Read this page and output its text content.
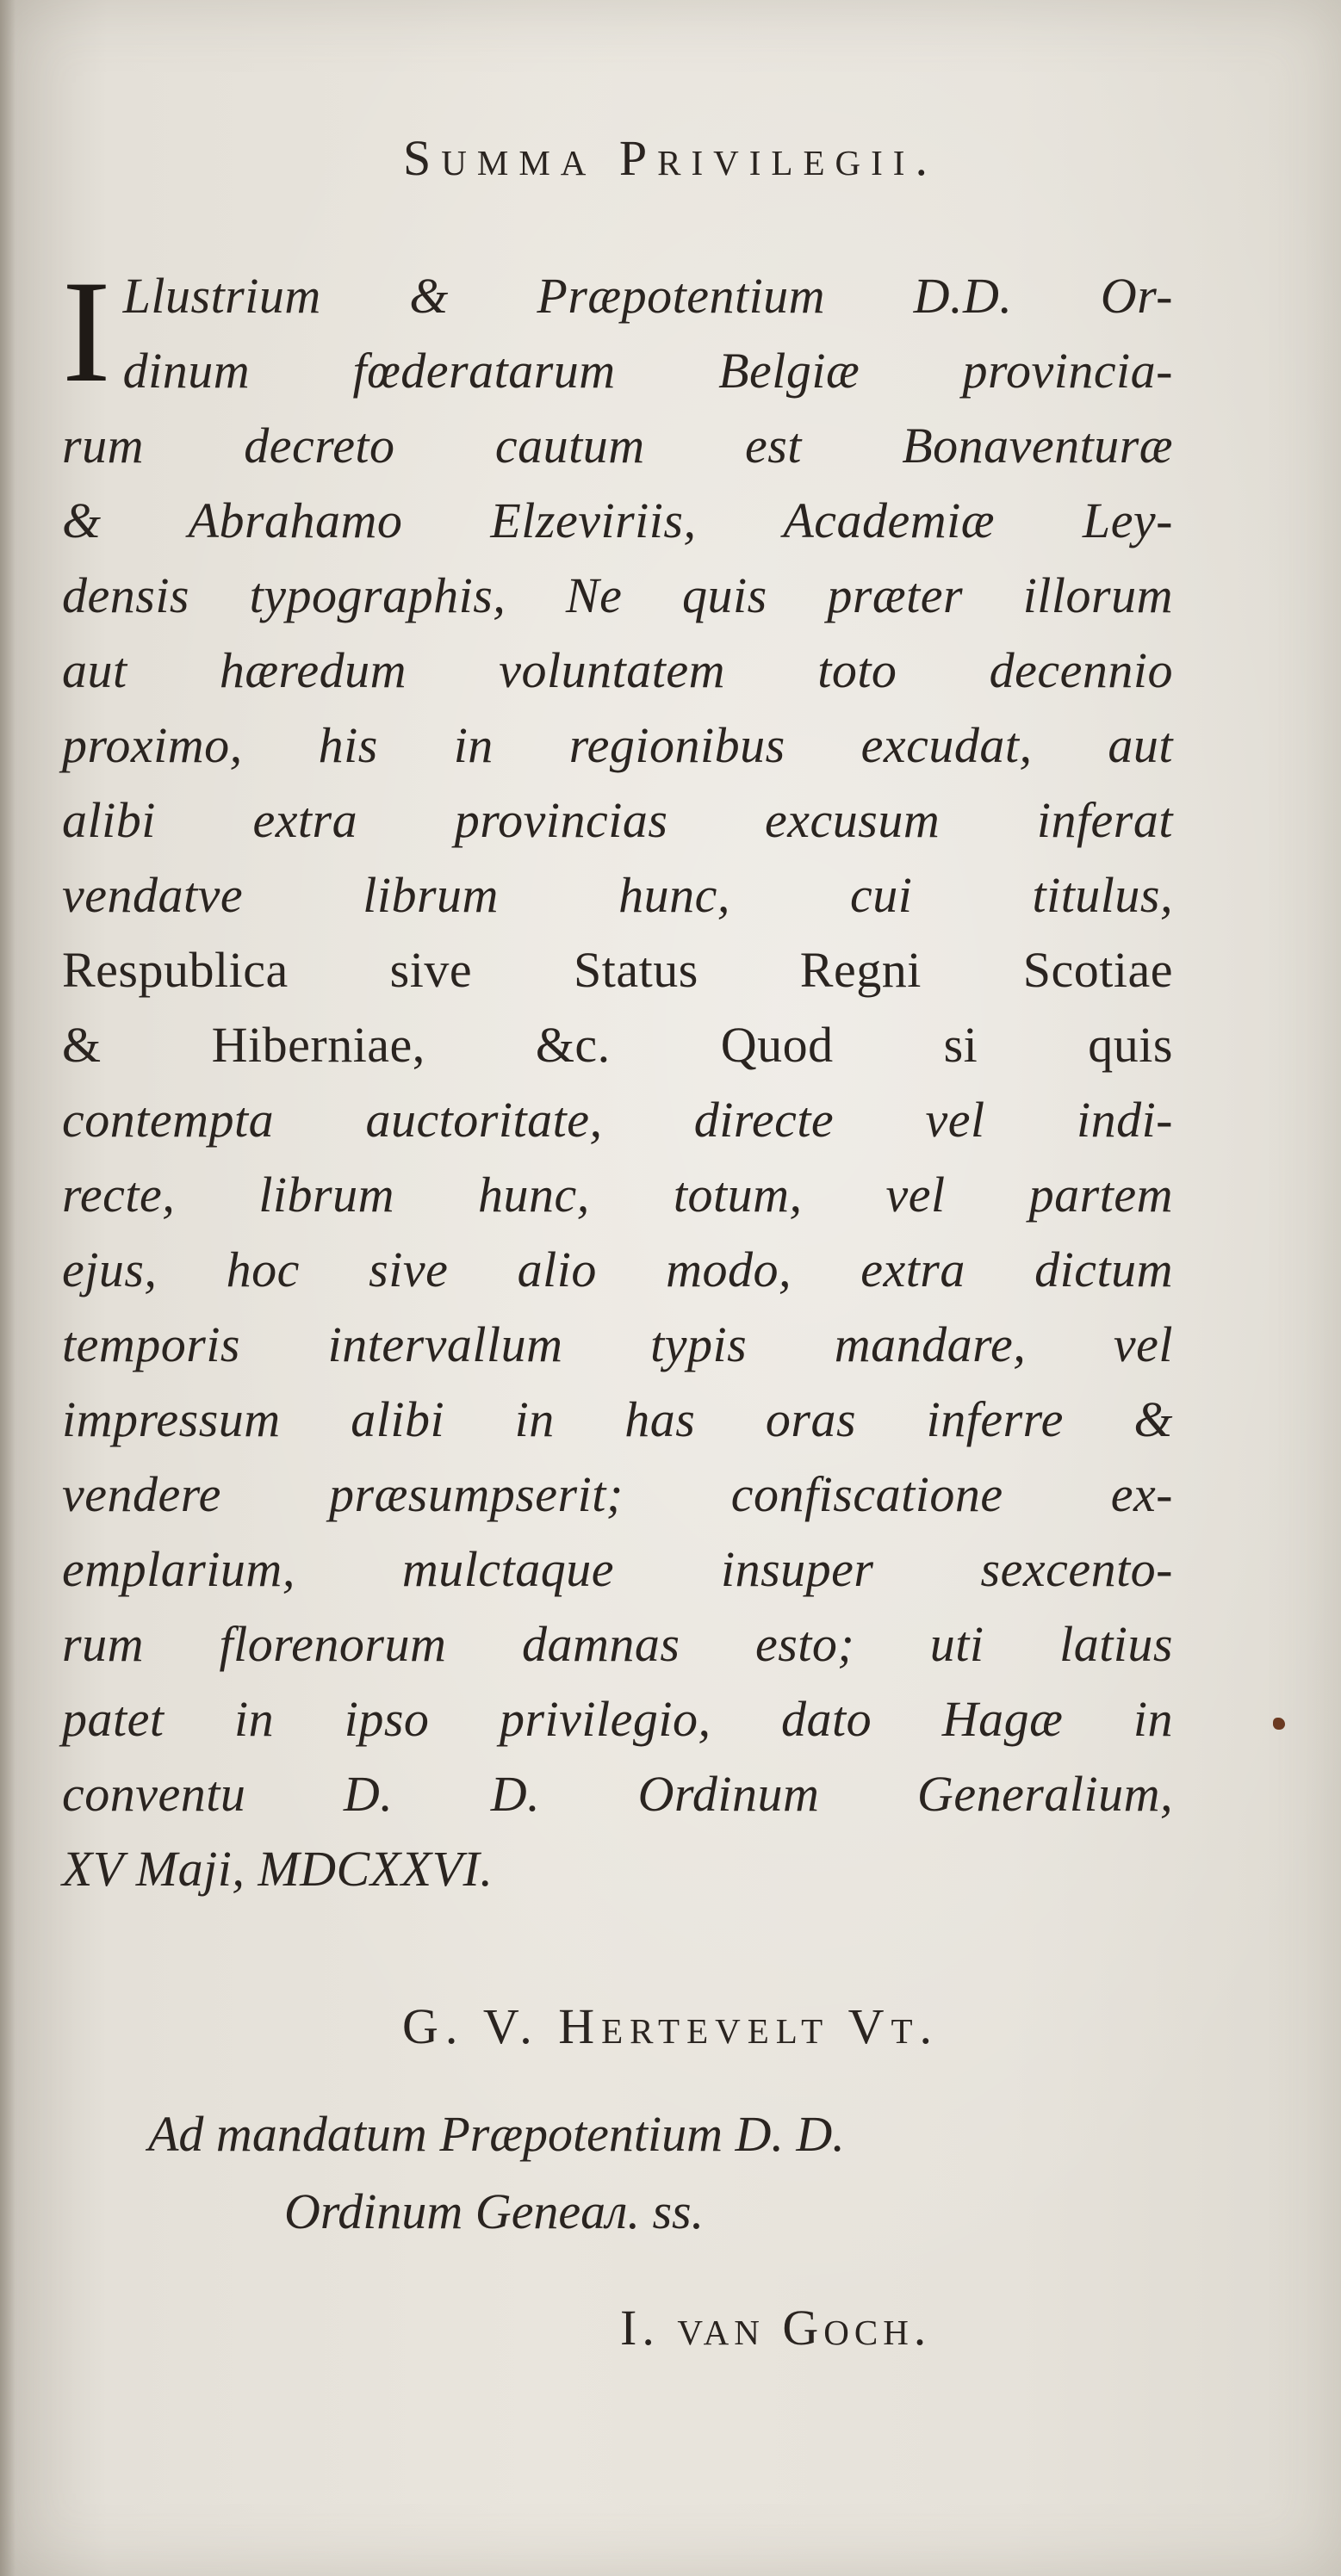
Summa Privilegii.
I Llustrium & Præpotentium D.D. Or-
dinum fœderatarum Belgiæ provincia-
rum decreto cautum est Bonaventuræ
& Abrahamo Elzeviriis, Academiæ Ley-
densis typographis, Ne quis præter illorum
aut hæredum voluntatem toto decennio
proximo, his in regionibus excudat, aut
alibi extra provincias excusum inferat
vendatve librum hunc, cui titulus,
Respublica sive Status Regni Scotiae
& Hiberniae, &c. Quod si quis
contempta auctoritate, directe vel indi-
recte, librum hunc, totum, vel partem
ejus, hoc sive alio modo, extra dictum
temporis intervallum typis mandare, vel
impressum alibi in has oras inferre &
vendere præsumpserit; confiscatione ex-
emplarium, mulctaque insuper sexcento-
rum florenorum damnas esto; uti latius
patet in ipso privilegio, dato Hagæ in
conventu D. D. Ordinum Generalium,
XV Maji, MDCXXVI.
G. V. Hertevelt Vt.
Ad mandatum Præpotentium D. D.
Ordinum Geneал. ss.
I. van Goch.
